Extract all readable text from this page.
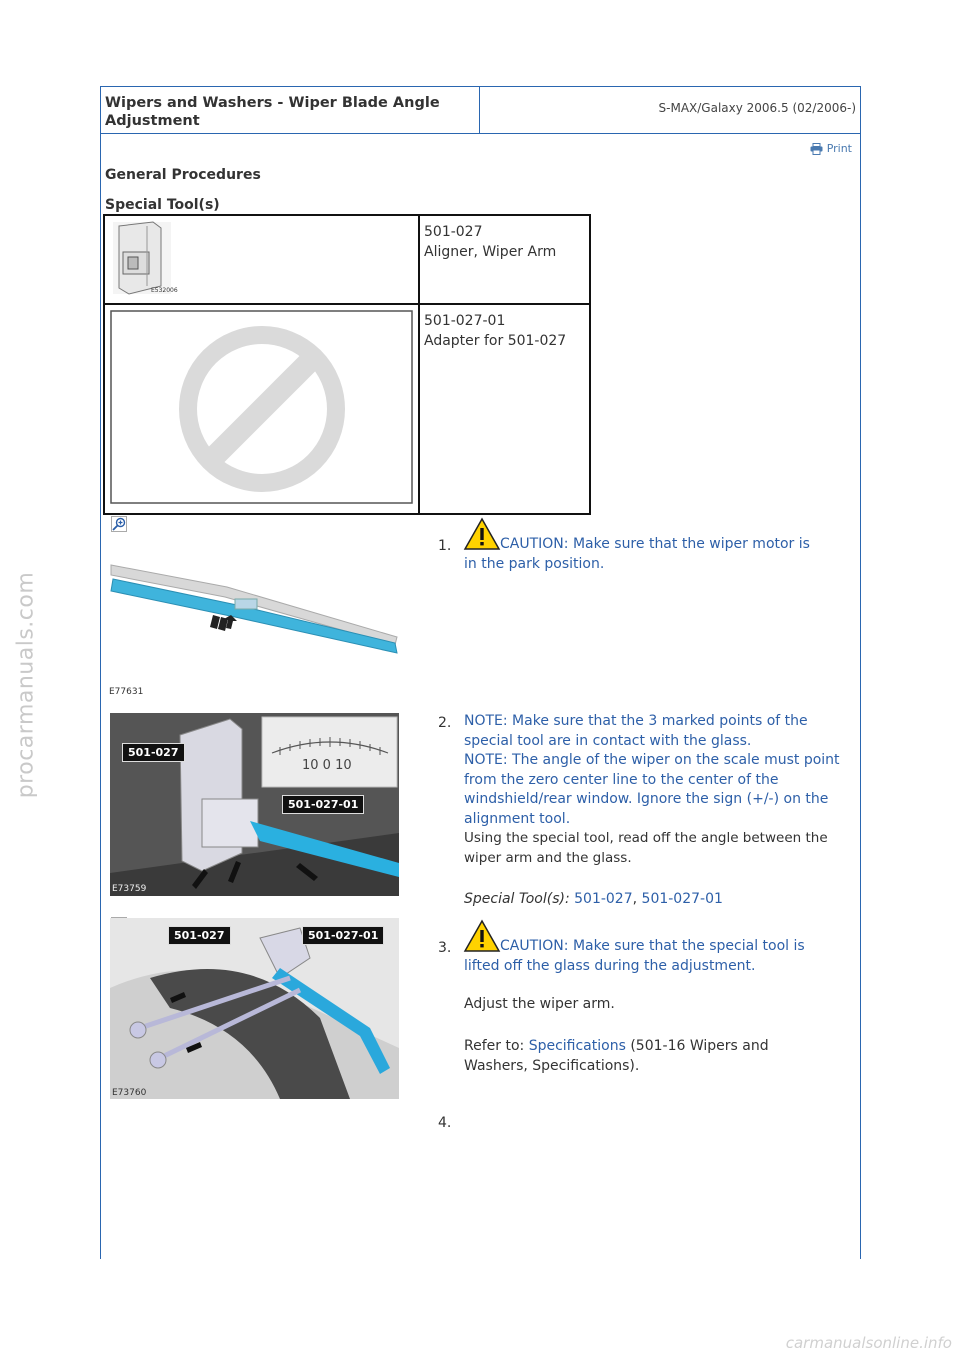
procarmanuals.com
Wipers and Washers - Wiper Blade Angle Adjustment
S-MAX/Galaxy 2006.5 (02/2006-)
Print
General Procedures
Special Tool(s)
E532006	501-027
Aligner, Wiper Arm

501-027-01
Adapter for 501-027
E77631
1.	CAUTION: Make sure that the wiper motor is in the park position.
10 0 10
501-027
501-027-01
E73759
2. NOTE: Make sure that the 3 marked points of the special tool are in contact with the glass.
NOTE: The angle of the wiper on the scale must point from the zero center line to the center of the windshield/rear window. Ignore the sign (+/-) on the alignment tool.
Using the special tool, read off the angle between the wiper arm and the glass.
Special Tool(s): 501-027, 501-027-01
501-027	501-027-01
E73760
3.	CAUTION: Make sure that the special tool is lifted off the glass during the adjustment.
Adjust the wiper arm.
Refer to: Specifications (501-16 Wipers and Washers, Specifications).
4.
carmanualsonline.info
